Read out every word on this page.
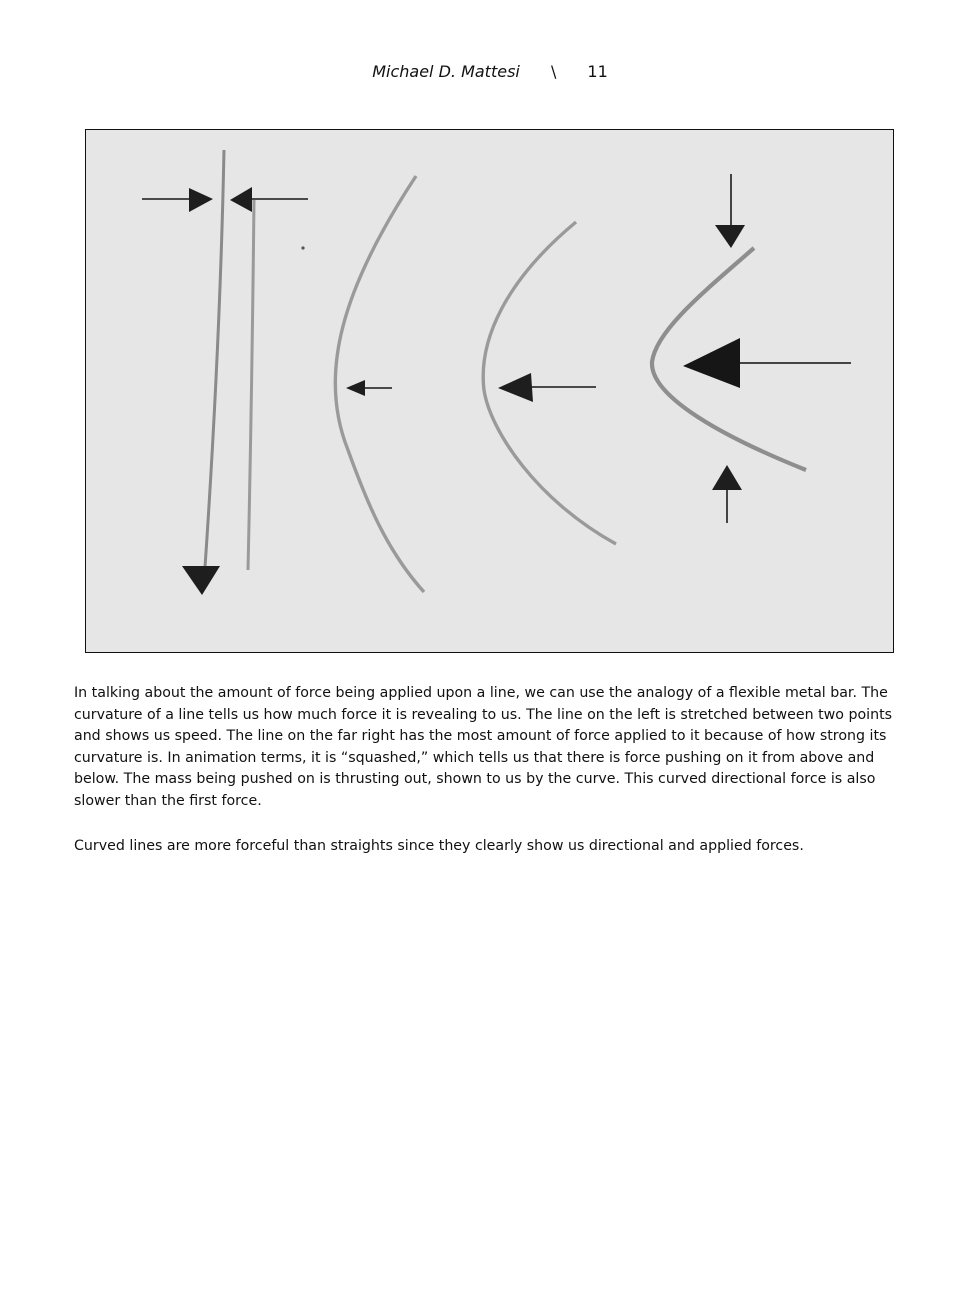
Michael D. Mattesi \ 11

In talking about the amount of force being applied upon a line, we can use the analogy of a flexible metal bar. The curvature of a line tells us how much force it is revealing to us. The line on the left is stretched between two points and shows us speed. The line on the far right has the most amount of force applied to it because of how strong its curvature is. In animation terms, it is “squashed,” which tells us that there is force pushing on it from above and below. The mass being pushed on is thrusting out, shown to us by the curve. This curved directional force is also slower than the first force.

Curved lines are more forceful than straights since they clearly show us directional and applied forces.
